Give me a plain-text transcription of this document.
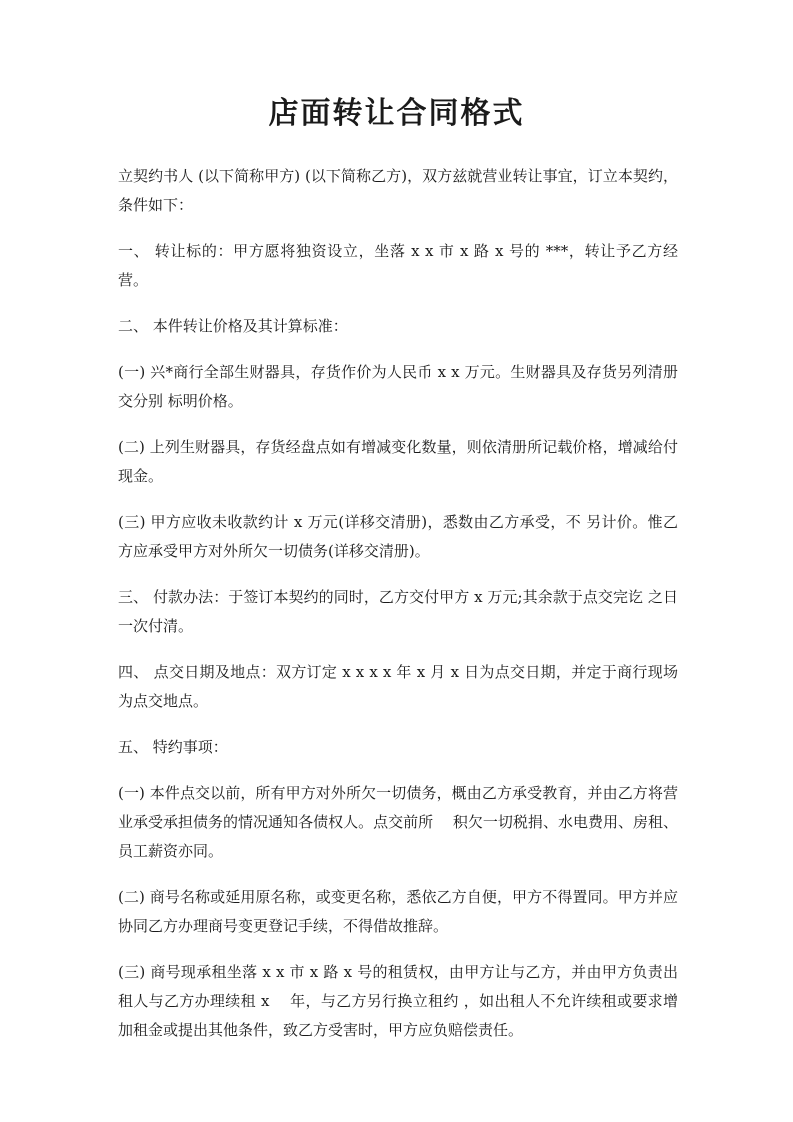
店面转让合同格式

立契约书人 (以下简称甲方) (以下简称乙方)，双方兹就营业转让事宜，订立本契约，条件如下：

一、 转让标的：甲方愿将独资设立，坐落 x x 市 x 路 x 号的 ***，转让予乙方经营。

二、 本件转让价格及其计算标准：

(一) 兴*商行全部生财器具，存货作价为人民币 x x 万元。生财器具及存货另列清册交分别 标明价格。

(二) 上列生财器具，存货经盘点如有增减变化数量，则依清册所记载价格，增减给付现金。

(三) 甲方应收未收款约计 x 万元(详移交清册)，悉数由乙方承受，不 另计价。惟乙方应承受甲方对外所欠一切债务(详移交清册)。

三、 付款办法：于签订本契约的同时，乙方交付甲方 x 万元;其余款于点交完讫 之日一次付清。

四、 点交日期及地点：双方订定 x x x x 年 x 月 x 日为点交日期，并定于商行现场为点交地点。

五、 特约事项：

(一) 本件点交以前，所有甲方对外所欠一切债务，概由乙方承受教育，并由乙方将营业承受承担债务的情况通知各债权人。点交前所　 积欠一切税捐、水电费用、房租、员工薪资亦同。

(二) 商号名称或延用原名称，或变更名称，悉依乙方自便，甲方不得置同。甲方并应协同乙方办理商号变更登记手续，不得借故推辞。

(三) 商号现承租坐落 x x 市 x 路 x 号的租赁权，由甲方让与乙方，并由甲方负责出租人与乙方办理续租 x　 年，与乙方另行换立租约 ，如出租人不允许续租或要求增加租金或提出其他条件，致乙方受害时，甲方应负赔偿责任。
